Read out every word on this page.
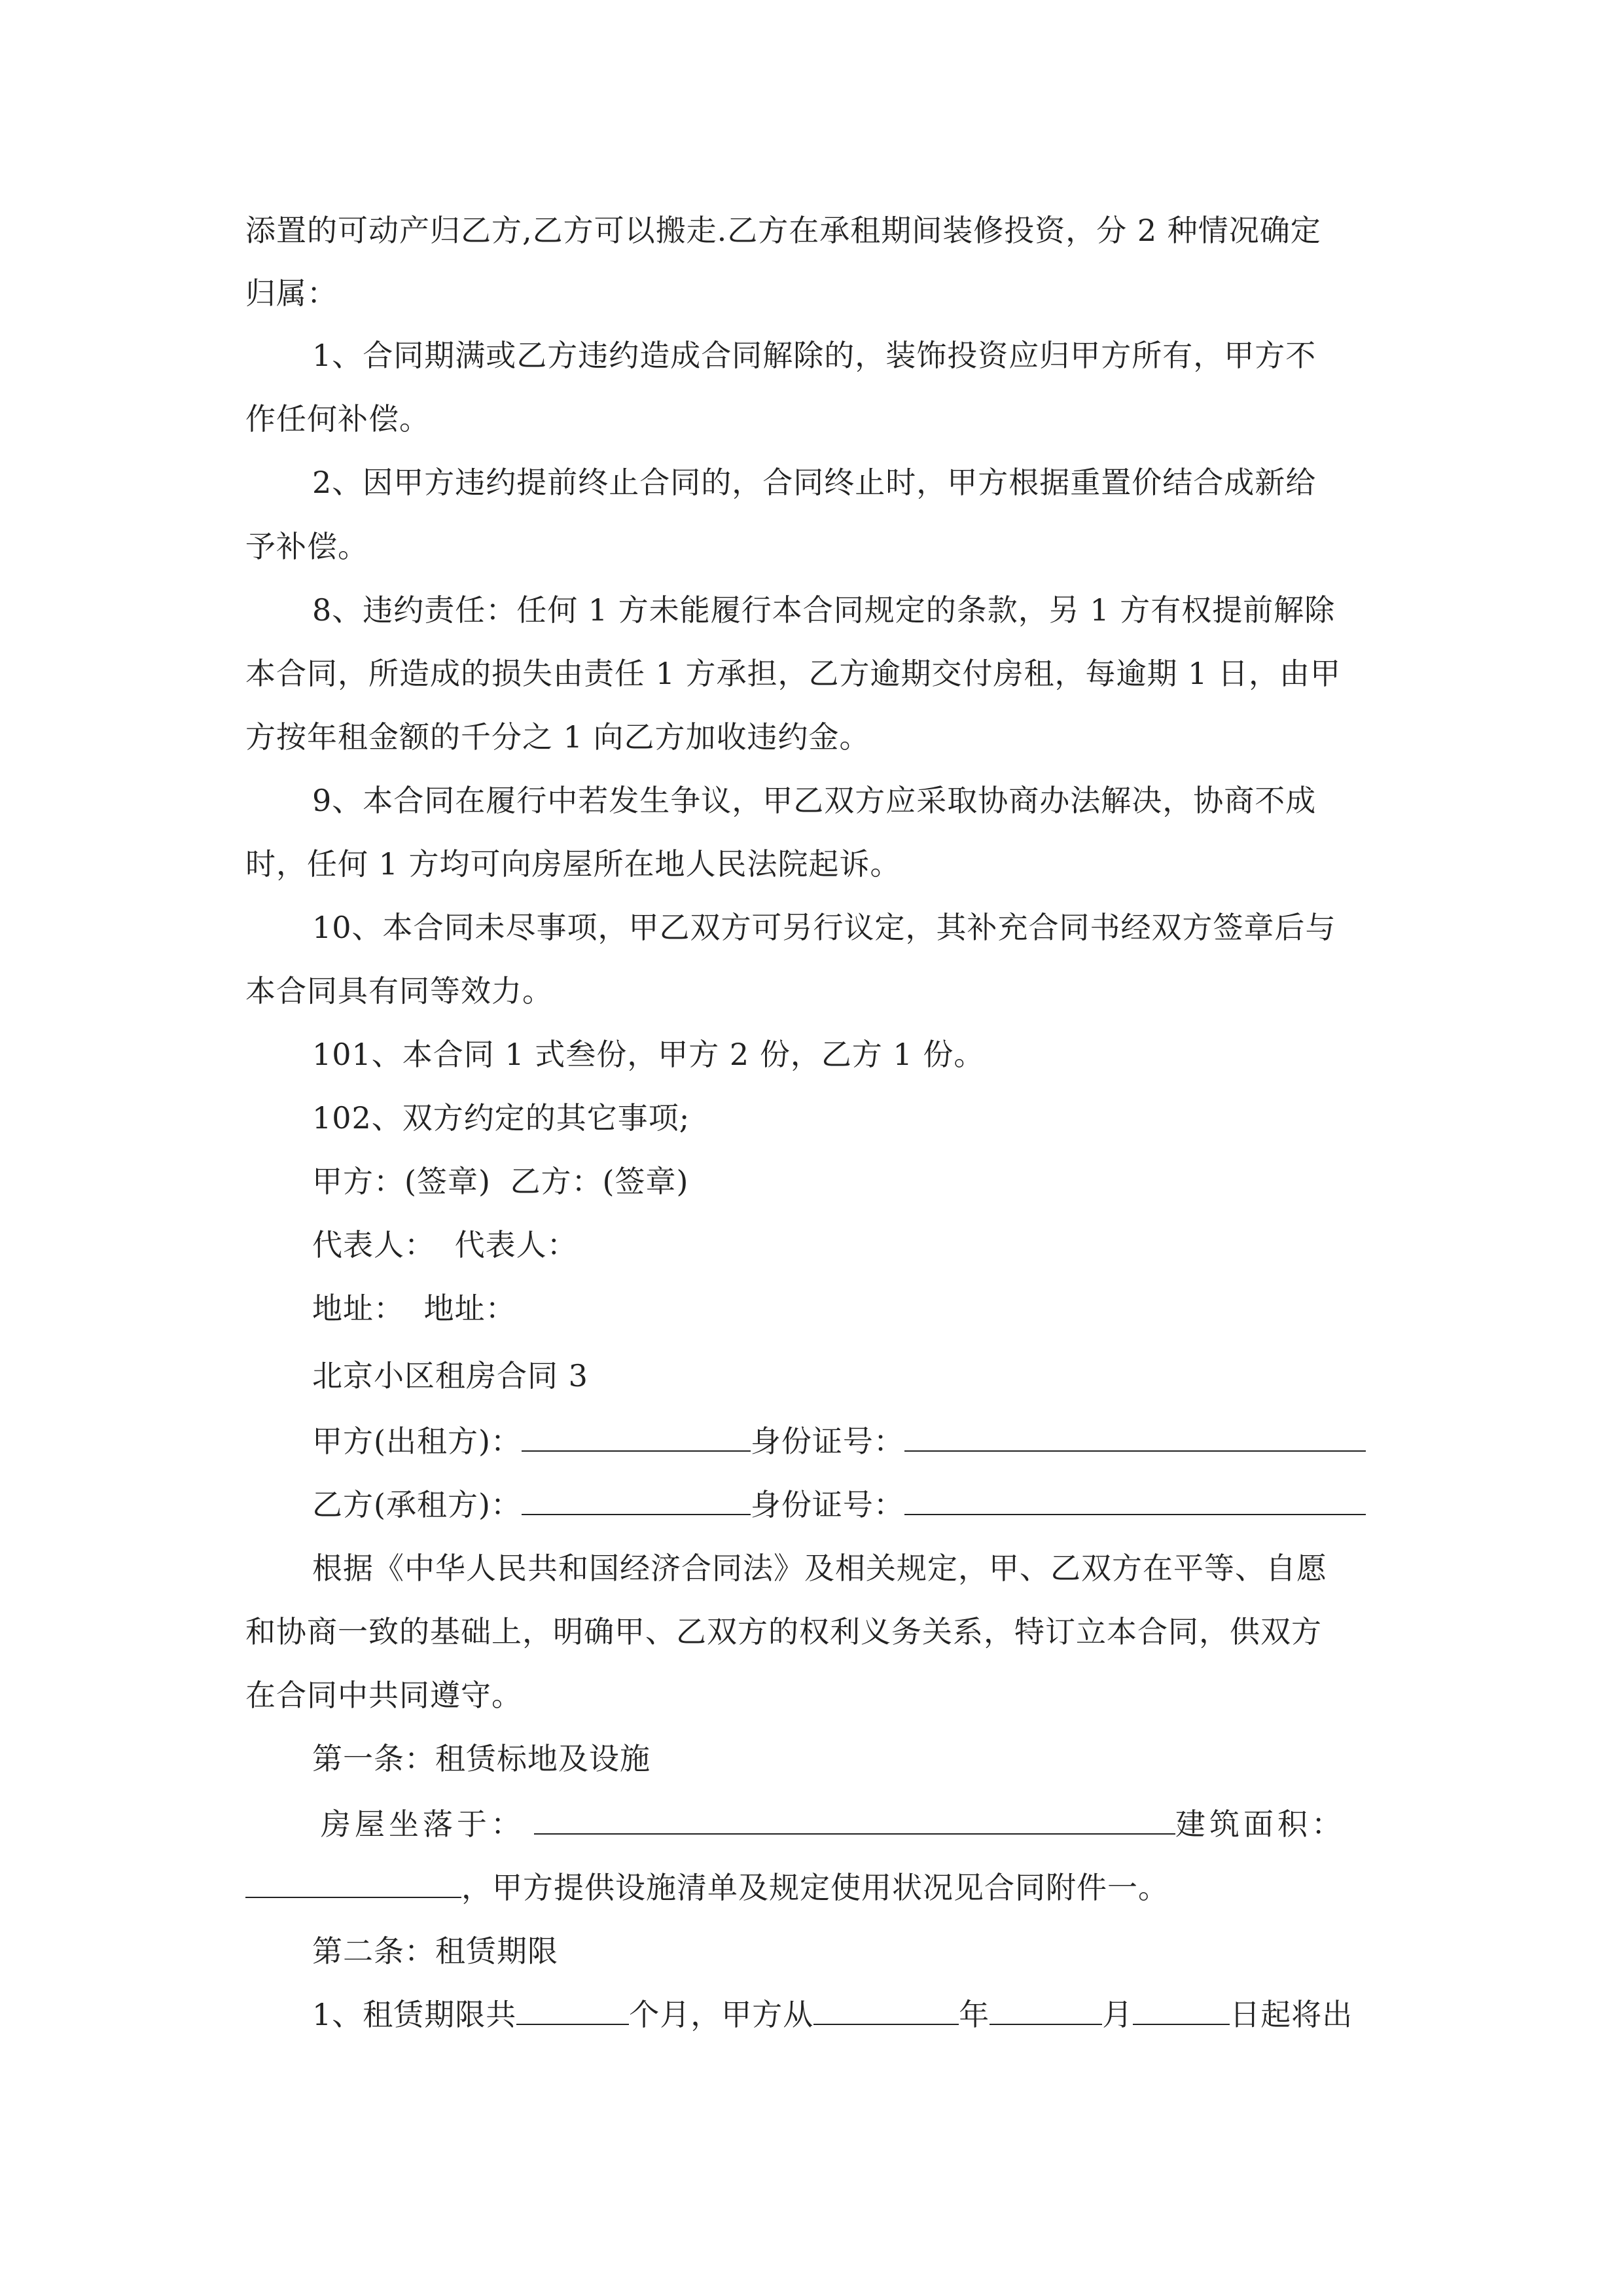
添置的可动产归乙方,乙方可以搬走.乙方在承租期间装修投资，分 2 种情况确定
归属：
1、合同期满或乙方违约造成合同解除的，装饰投资应归甲方所有，甲方不
作任何补偿。
2、因甲方违约提前终止合同的，合同终止时，甲方根据重置价结合成新给
予补偿。
8、违约责任：任何 1 方未能履行本合同规定的条款，另 1 方有权提前解除
本合同，所造成的损失由责任 1 方承担，乙方逾期交付房租，每逾期 1 日，由甲
方按年租金额的千分之 1 向乙方加收违约金。
9、本合同在履行中若发生争议，甲乙双方应采取协商办法解决，协商不成
时，任何 1 方均可向房屋所在地人民法院起诉。
10、本合同未尽事项，甲乙双方可另行议定，其补充合同书经双方签章后与
本合同具有同等效力。
101、本合同 1 式叁份，甲方 2 份，乙方 1 份。
102、双方约定的其它事项;
甲方：(签章) 乙方：(签章)
代表人： 代表人：
地址： 地址：
北京小区租房合同 3
甲方(出租方)：	身份证号：
乙方(承租方)：	身份证号：
根据《中华人民共和国经济合同法》及相关规定，甲、乙双方在平等、自愿
和协商一致的基础上，明确甲、乙双方的权利义务关系，特订立本合同，供双方
在合同中共同遵守。
第一条：租赁标地及设施
房屋坐落于：	建筑面积：
，甲方提供设施清单及规定使用状况见合同附件一。
第二条：租赁期限
1、租赁期限共	个月，甲方从	年	月	日起将出
